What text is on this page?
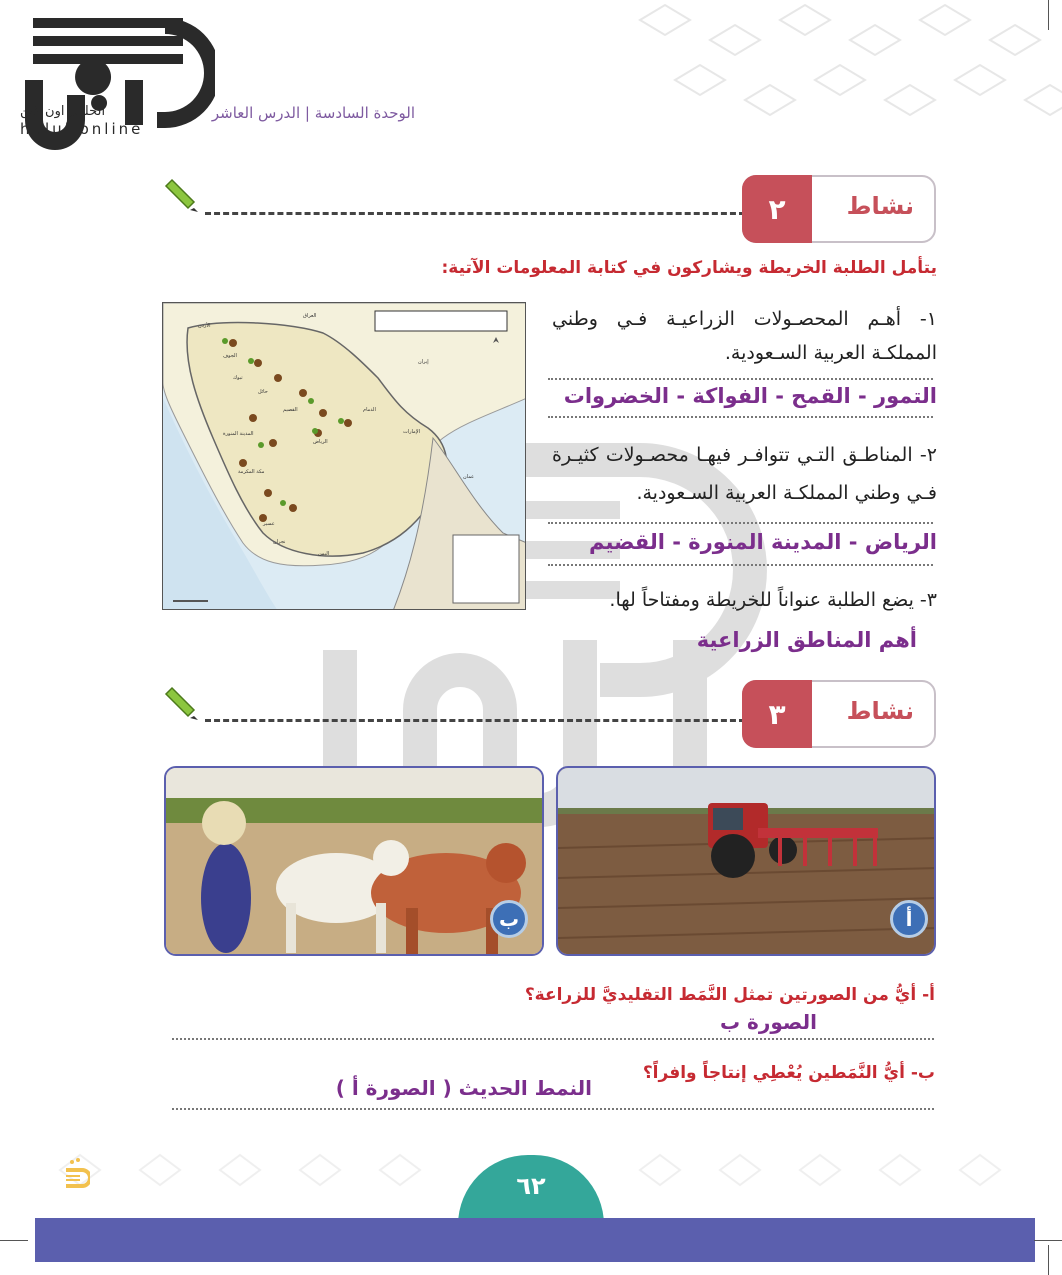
الحلول اون لاين
hulul.online
الوحدة السادسة | الدرس العاشر
٢	نشاط
يتأمل الطلبة الخريطة ويشاركون في كتابة المعلومات الآتية:
العراق
الأردن
الجوف
تبوك
حائل
القصيم
المدينة المنورة
مكة المكرمة
الرياض
الدمام
إيران
الإمارات
عمان
اليمن
نجران
عسير
١- أهـم المحصـولات الزراعيـة فـي وطني المملكـة العربية السـعودية.
التمور - القمح - الفواكة - الخضروات
٢- المناطـق التـي تتوافـر فيهـا محصـولات كثيـرة فـي وطني المملكـة العربية السـعودية.
الرياض - المدينة المنورة - القضيم
٣- يضع الطلبة عنواناً للخريطة ومفتاحاً لها.
أهم المناطق الزراعية
٣	نشاط
ب	أ
أ- أيُّ من الصورتين تمثل النَّمَط التقليديَّ للزراعة؟
الصورة ب
ب- أيُّ النَّمَطين يُعْطِي إنتاجاً وافراً؟
النمط الحديث ( الصورة أ )
٦٢
